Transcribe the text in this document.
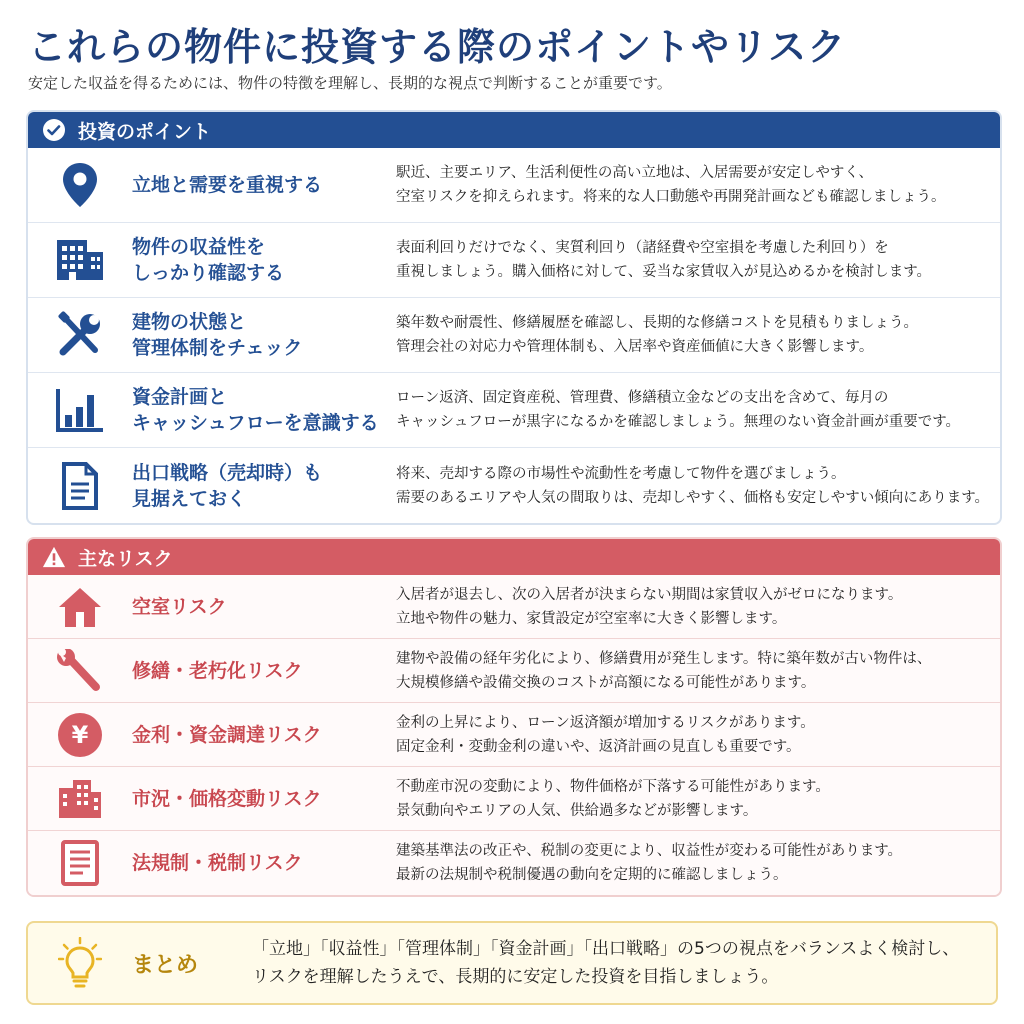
これらの物件に投資する際のポイントやリスク
安定した収益を得るためには、物件の特徴を理解し、長期的な視点で判断することが重要です。
投資のポイント
立地と需要を重視する
駅近、主要エリア、生活利便性の高い立地は、入居需要が安定しやすく、
空室リスクを抑えられます。将来的な人口動態や再開発計画なども確認しましょう。
物件の収益性を
しっかり確認する
表面利回りだけでなく、実質利回り（諸経費や空室損を考慮した利回り）を
重視しましょう。購入価格に対して、妥当な家賃収入が見込めるかを検討します。
建物の状態と
管理体制をチェック
築年数や耐震性、修繕履歴を確認し、長期的な修繕コストを見積もりましょう。
管理会社の対応力や管理体制も、入居率や資産価値に大きく影響します。
資金計画と
キャッシュフローを意識する
ローン返済、固定資産税、管理費、修繕積立金などの支出を含めて、毎月の
キャッシュフローが黒字になるかを確認しましょう。無理のない資金計画が重要です。
出口戦略（売却時）も
見据えておく
将来、売却する際の市場性や流動性を考慮して物件を選びましょう。
需要のあるエリアや人気の間取りは、売却しやすく、価格も安定しやすい傾向にあります。
主なリスク
空室リスク
入居者が退去し、次の入居者が決まらない期間は家賃収入がゼロになります。
立地や物件の魅力、家賃設定が空室率に大きく影響します。
修繕・老朽化リスク
建物や設備の経年劣化により、修繕費用が発生します。特に築年数が古い物件は、
大規模修繕や設備交換のコストが高額になる可能性があります。
¥ 金利・資金調達リスク
金利の上昇により、ローン返済額が増加するリスクがあります。
固定金利・変動金利の違いや、返済計画の見直しも重要です。
市況・価格変動リスク
不動産市況の変動により、物件価格が下落する可能性があります。
景気動向やエリアの人気、供給過多などが影響します。
法規制・税制リスク
建築基準法の改正や、税制の変更により、収益性が変わる可能性があります。
最新の法規制や税制優遇の動向を定期的に確認しましょう。
まとめ
「立地」「収益性」「管理体制」「資金計画」「出口戦略」の5つの視点をバランスよく検討し、
リスクを理解したうえで、長期的に安定した投資を目指しましょう。
